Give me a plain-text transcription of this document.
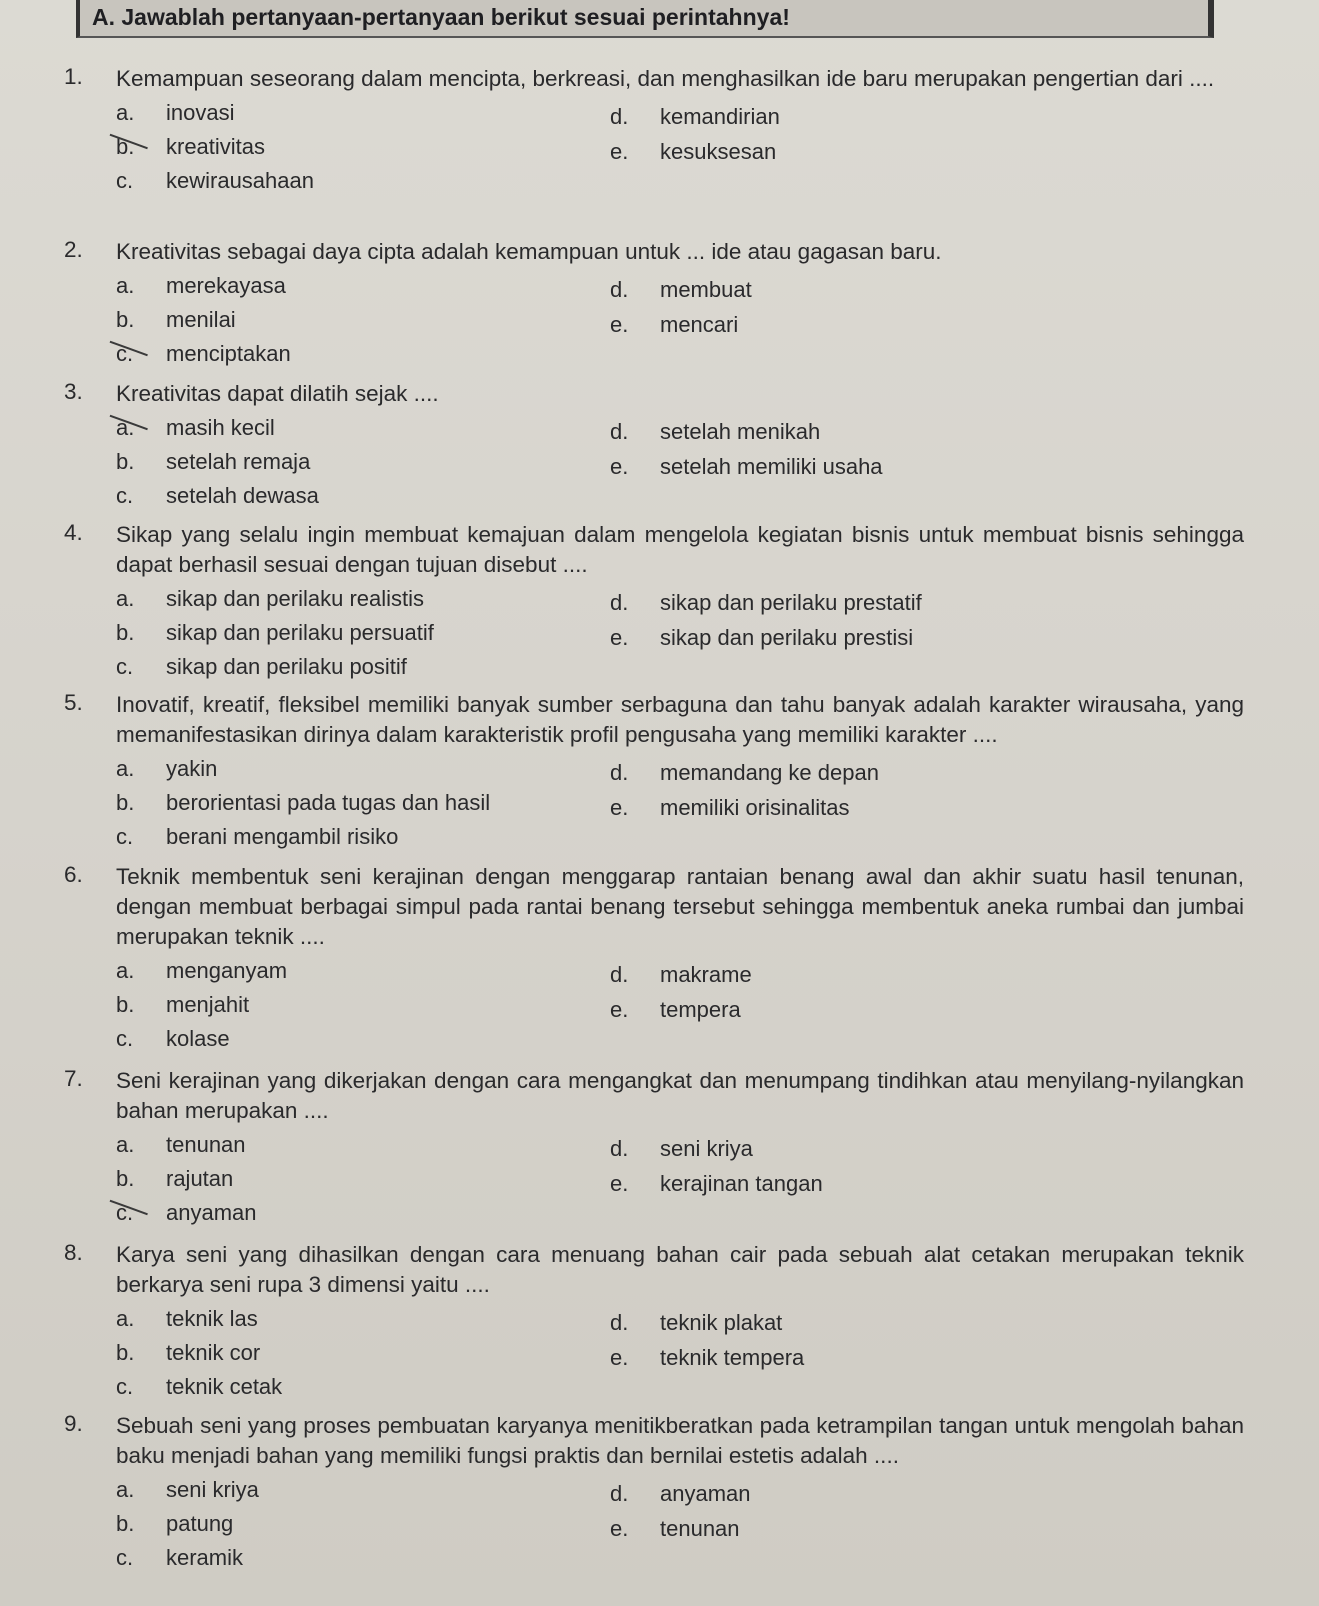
A. Jawablah pertanyaan-pertanyaan berikut sesuai perintahnya!
1. Kemampuan seseorang dalam mencipta, berkreasi, dan menghasilkan ide baru merupakan pengertian dari ....
a. inovasi
b. kreativitas
c. kewirausahaan
d. kemandirian
e. kesuksesan
2. Kreativitas sebagai daya cipta adalah kemampuan untuk ... ide atau gagasan baru.
a. merekayasa
b. menilai
c. menciptakan
d. membuat
e. mencari
3. Kreativitas dapat dilatih sejak ....
a. masih kecil
b. setelah remaja
c. setelah dewasa
d. setelah menikah
e. setelah memiliki usaha
4. Sikap yang selalu ingin membuat kemajuan dalam mengelola kegiatan bisnis untuk membuat bisnis sehingga dapat berhasil sesuai dengan tujuan disebut ....
a. sikap dan perilaku realistis
b. sikap dan perilaku persuatif
c. sikap dan perilaku positif
d. sikap dan perilaku prestatif
e. sikap dan perilaku prestisi
5. Inovatif, kreatif, fleksibel memiliki banyak sumber serbaguna dan tahu banyak adalah karakter wirausaha, yang memanifestasikan dirinya dalam karakteristik profil pengusaha yang memiliki karakter ....
a. yakin
b. berorientasi pada tugas dan hasil
c. berani mengambil risiko
d. memandang ke depan
e. memiliki orisinalitas
6. Teknik membentuk seni kerajinan dengan menggarap rantaian benang awal dan akhir suatu hasil tenunan, dengan membuat berbagai simpul pada rantai benang tersebut sehingga membentuk aneka rumbai dan jumbai merupakan teknik ....
a. menganyam
b. menjahit
c. kolase
d. makrame
e. tempera
7. Seni kerajinan yang dikerjakan dengan cara mengangkat dan menumpang tindihkan atau menyilang-nyilangkan bahan merupakan ....
a. tenunan
b. rajutan
c. anyaman
d. seni kriya
e. kerajinan tangan
8. Karya seni yang dihasilkan dengan cara menuang bahan cair pada sebuah alat cetakan merupakan teknik berkarya seni rupa 3 dimensi yaitu ....
a. teknik las
b. teknik cor
c. teknik cetak
d. teknik plakat
e. teknik tempera
9. Sebuah seni yang proses pembuatan karyanya menitikberatkan pada ketrampilan tangan untuk mengolah bahan baku menjadi bahan yang memiliki fungsi praktis dan bernilai estetis adalah ....
a. seni kriya
b. patung
c. keramik
d. anyaman
e. tenunan
